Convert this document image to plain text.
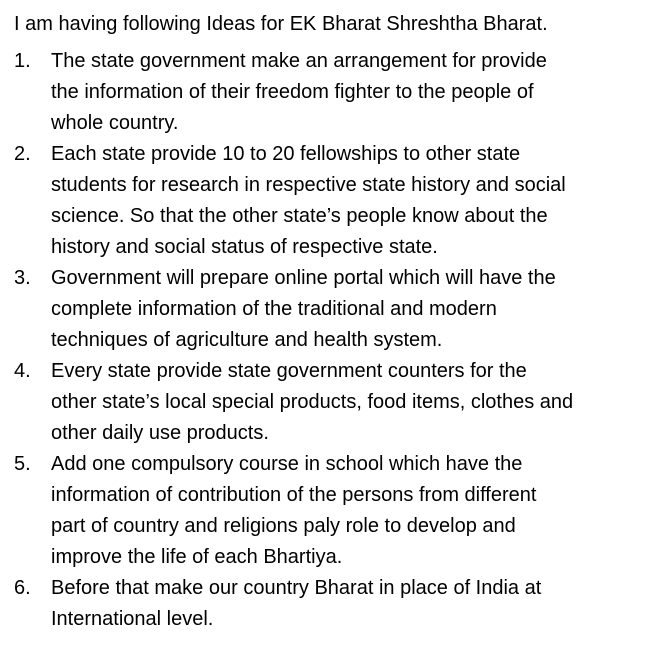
I am having following Ideas for EK Bharat Shreshtha Bharat.

1.	The state government make an arrangement for provide
the information of their freedom fighter to the people of
whole country.
2.	Each state provide 10 to 20 fellowships to other state
students for research in respective state history and social
science. So that the other state’s people know about the
history and social status of respective state.
3.	Government will prepare online portal which will have the
complete information of the traditional and modern
techniques of agriculture and health system.
4.	Every state provide state government counters for the
other state’s local special products, food items, clothes and
other daily use products.
5.	Add one compulsory course in school which have the
information of contribution of the persons from different
part of country and religions paly role to develop and
improve the life of each Bhartiya.
6.	Before that make our country Bharat in place of India at
International level.
